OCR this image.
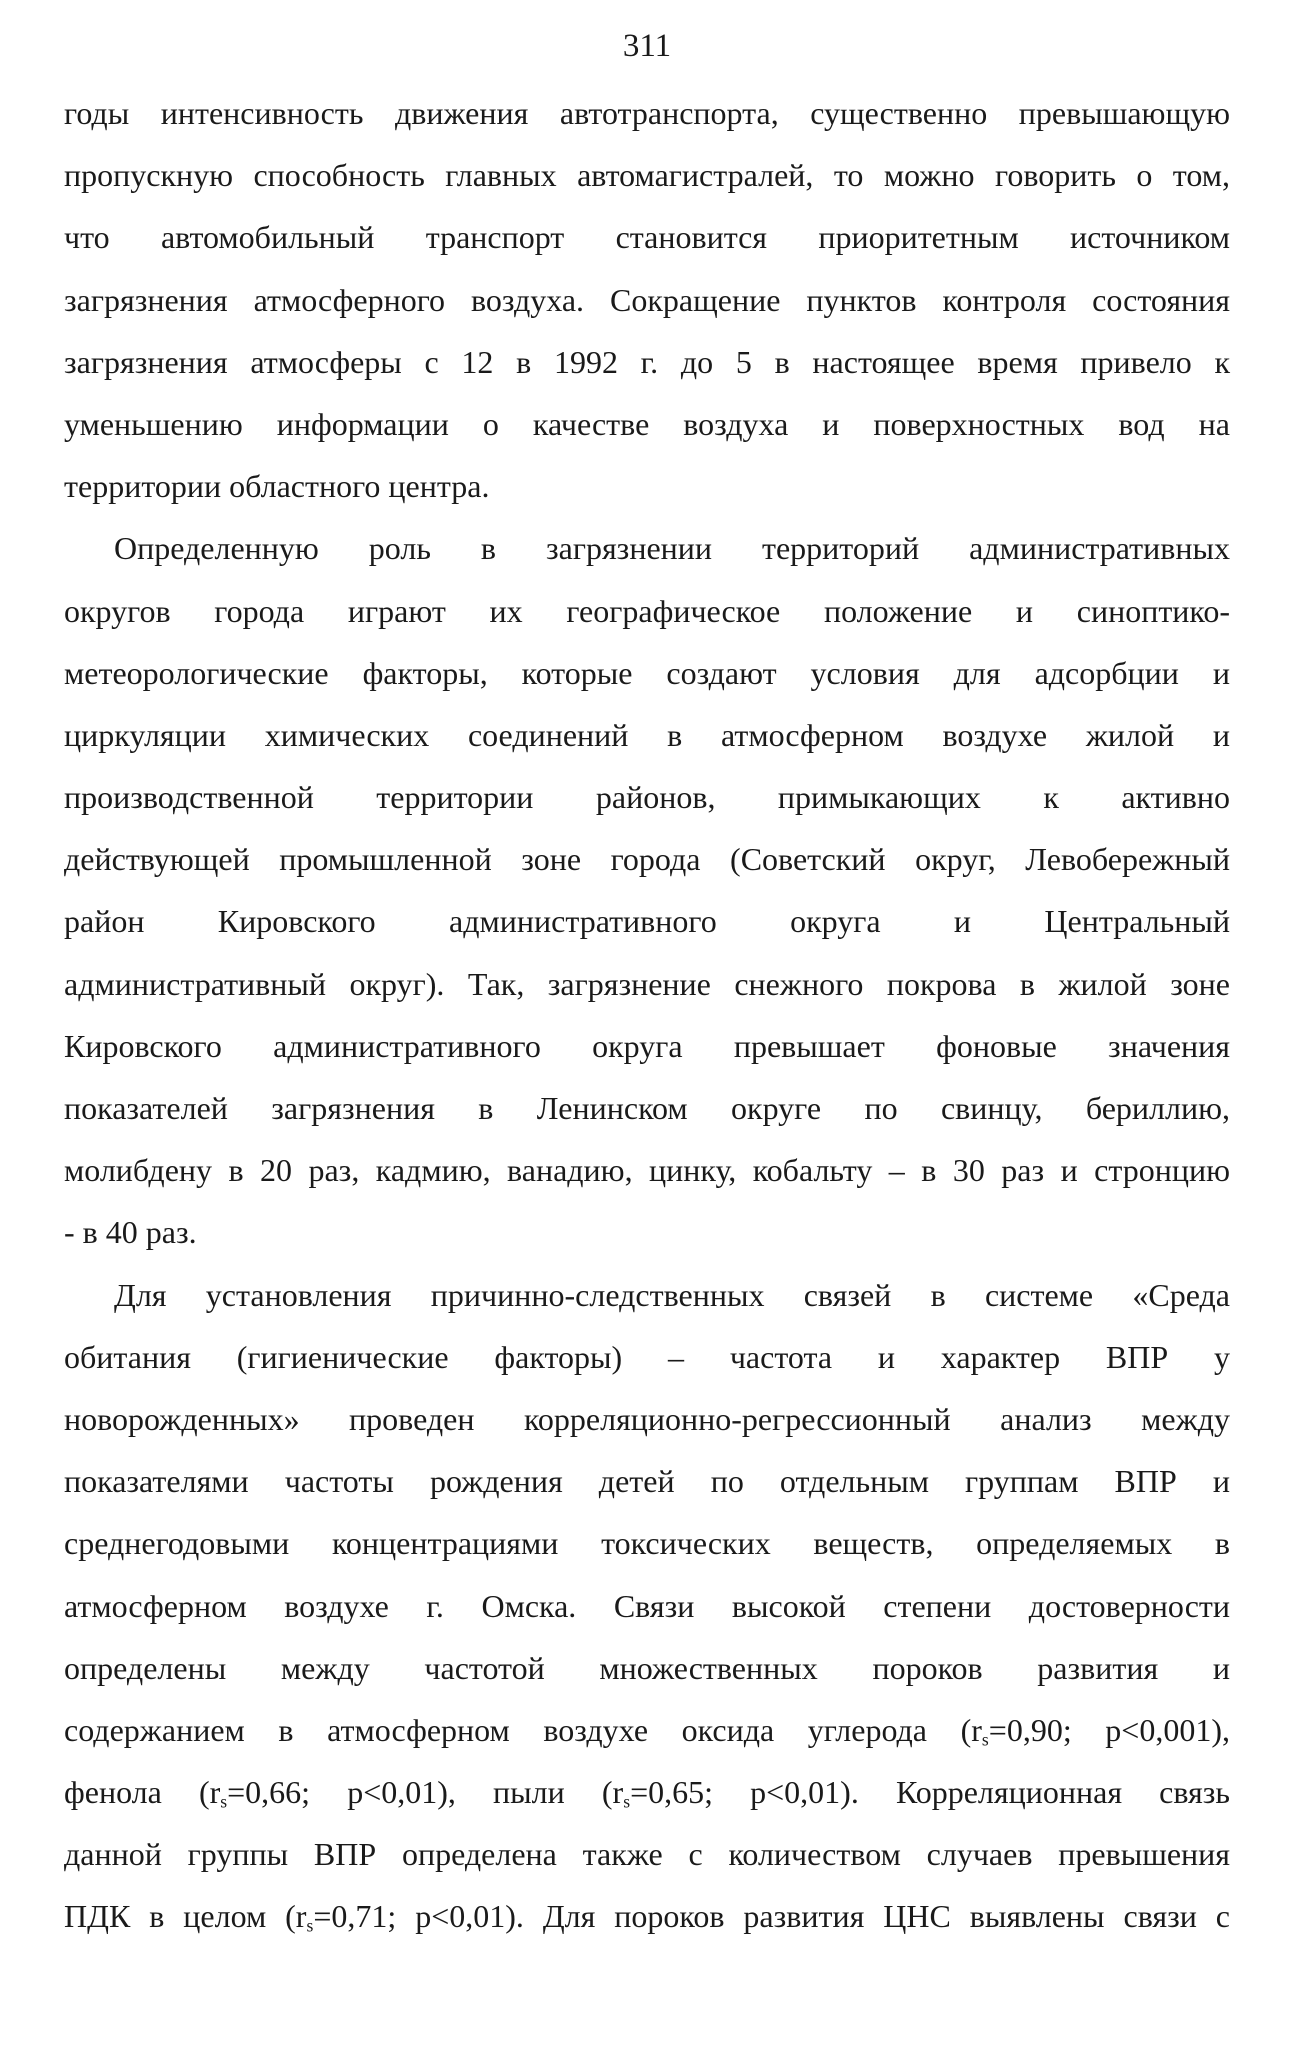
311
годы интенсивность движения автотранспорта, существенно превышающую
пропускную способность главных автомагистралей, то можно говорить о том,
что автомобильный транспорт становится приоритетным источником
загрязнения атмосферного воздуха. Сокращение пунктов контроля состояния
загрязнения атмосферы с 12 в 1992 г. до 5 в настоящее время привело к
уменьшению информации о качестве воздуха и поверхностных вод на
территории областного центра.
Определенную роль в загрязнении территорий административных
округов города играют их географическое положение и синоптико-
метеорологические факторы, которые создают условия для адсорбции и
циркуляции химических соединений в атмосферном воздухе жилой и
производственной территории районов, примыкающих к активно
действующей промышленной зоне города (Советский округ, Левобережный
район Кировского административного округа и Центральный
административный округ). Так, загрязнение снежного покрова в жилой зоне
Кировского административного округа превышает фоновые значения
показателей загрязнения в Ленинском округе по свинцу, бериллию,
молибдену в 20 раз, кадмию, ванадию, цинку, кобальту – в 30 раз и стронцию
- в 40 раз.
Для установления причинно-следственных связей в системе «Среда
обитания (гигиенические факторы) – частота и характер ВПР у
новорожденных» проведен корреляционно-регрессионный анализ между
показателями частоты рождения детей по отдельным группам ВПР и
среднегодовыми концентрациями токсических веществ, определяемых в
атмосферном воздухе г. Омска. Связи высокой степени достоверности
определены между частотой множественных пороков развития и
содержанием в атмосферном воздухе оксида углерода ($r_s=0,90$; p<0,001),
фенола ($r_s=0,66$; p<0,01), пыли ($r_s=0,65$; p<0,01). Корреляционная связь
данной группы ВПР определена также с количеством случаев превышения
ПДК в целом ($r_s=0,71$; p<0,01). Для пороков развития ЦНС выявлены связи с
